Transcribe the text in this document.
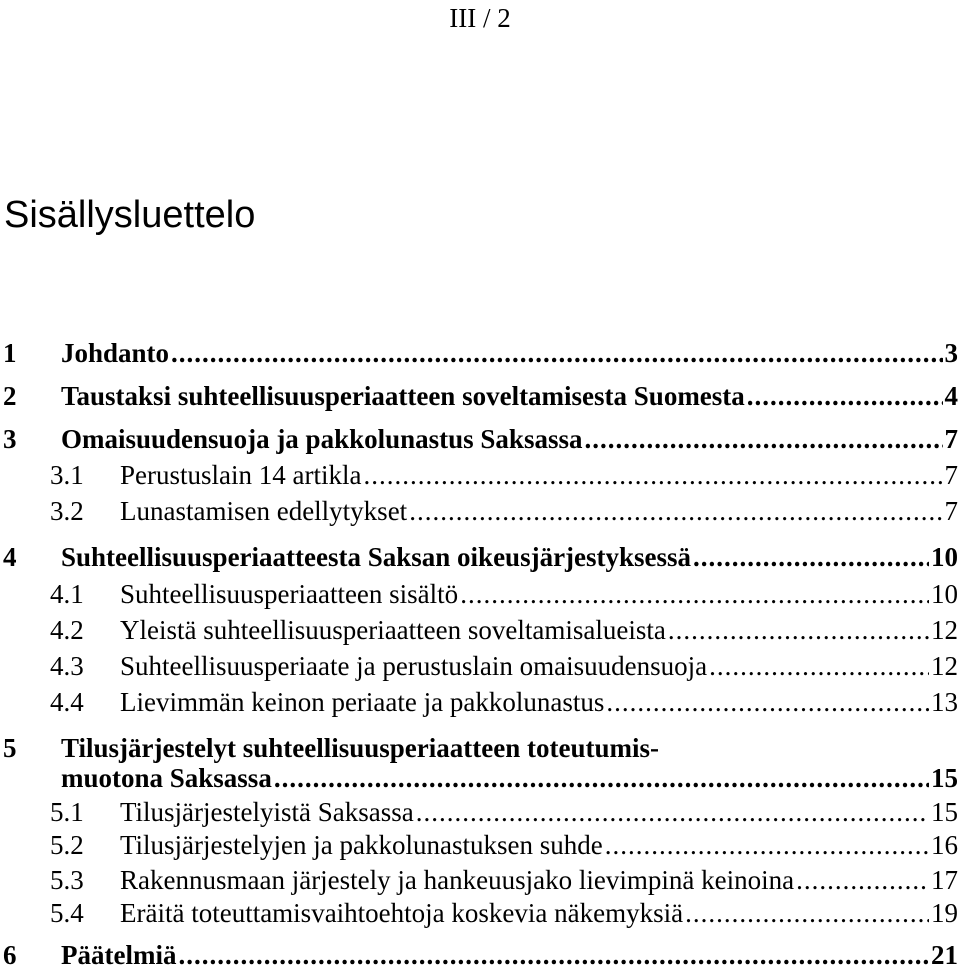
III / 2
Sisällysluettelo
1	Johdanto .....	3
2	Taustaksi suhteellisuusperiaatteen soveltamisesta Suomesta .....	4
3	Omaisuudensuoja ja pakkolunastus Saksassa .....	7
3.1	Perustuslain 14 artikla .....	7
3.2	Lunastamisen edellytykset .....	7
4	Suhteellisuusperiaatteesta Saksan oikeusjärjestyksessä .....	10
4.1	Suhteellisuusperiaatteen sisältö .....	10
4.2	Yleistä suhteellisuusperiaatteen soveltamisalueista .....	12
4.3	Suhteellisuusperiaate ja perustuslain omaisuudensuoja .....	12
4.4	Lievimmän keinon periaate ja pakkolunastus .....	13
5	Tilusjärjestelyt suhteellisuusperiaatteen toteutumis-
muotona Saksassa .....	15
5.1	Tilusjärjestelyistä Saksassa .....	15
5.2	Tilusjärjestelyjen ja pakkolunastuksen suhde .....	16
5.3	Rakennusmaan järjestely ja hankeuusjako lievimpinä keinoina .....	17
5.4	Eräitä toteuttamisvaihtoehtoja koskevia näkemyksiä .....	19
6	Päätelmiä .....	21
